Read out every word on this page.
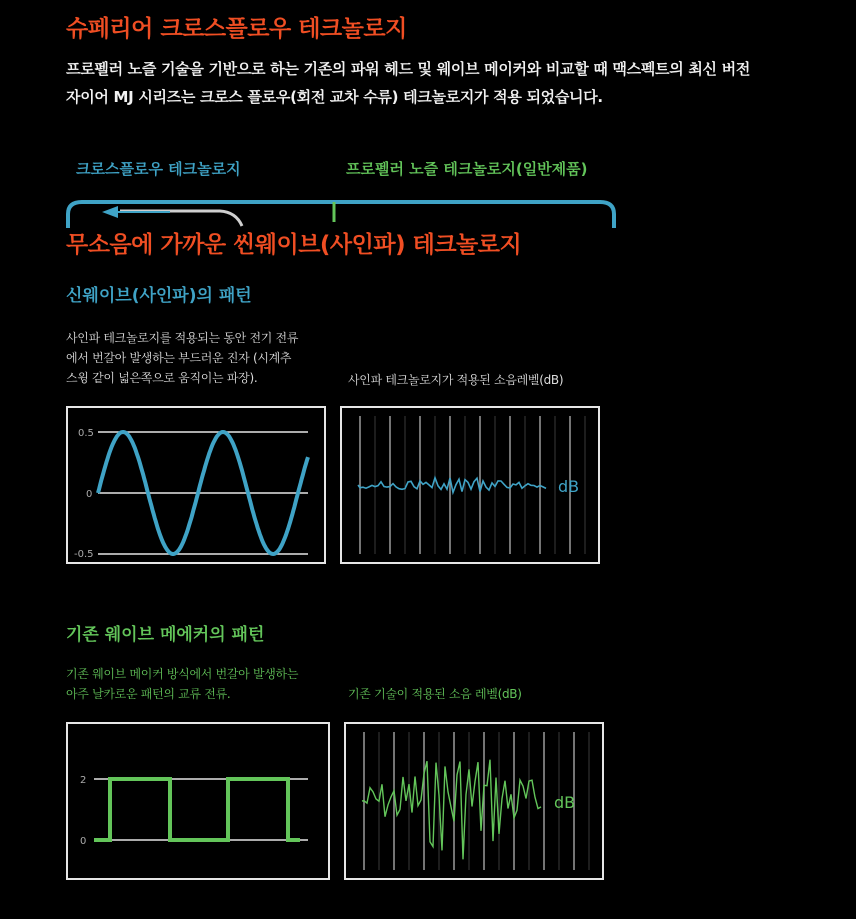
슈페리어 크로스플로우 테크놀로지
프로펠러 노즐 기술을 기반으로 하는 기존의 파워 헤드 및 웨이브 메이커와 비교할 때 맥스펙트의 최신 버전
자이어 MJ 시리즈는 크로스 플로우(회전 교차 수류) 테크놀로지가 적용 되었습니다.
크로스플로우 테크놀로지	프로펠러 노즐 테크놀로지(일반제품)
무소음에 가까운 씬웨이브(사인파) 테크놀로지
신웨이브(사인파)의 패턴
사인파 테크놀로지를 적용되는 동안 전기 전류
에서 번갈아 발생하는 부드러운 진자 (시계추
스윙 같이 넓은쪽으로 움직이는 파장).	사인파 테크놀로지가 적용된 소음레벨(dB)
0.5
0
-0.5
dB
기존 웨이브 메에커의 패턴
기존 웨이브 메이커 방식에서 번갈아 발생하는
아주 날카로운 패턴의 교류 전류.	기존 기술이 적용된 소음 레벨(dB)
2
0
dB
